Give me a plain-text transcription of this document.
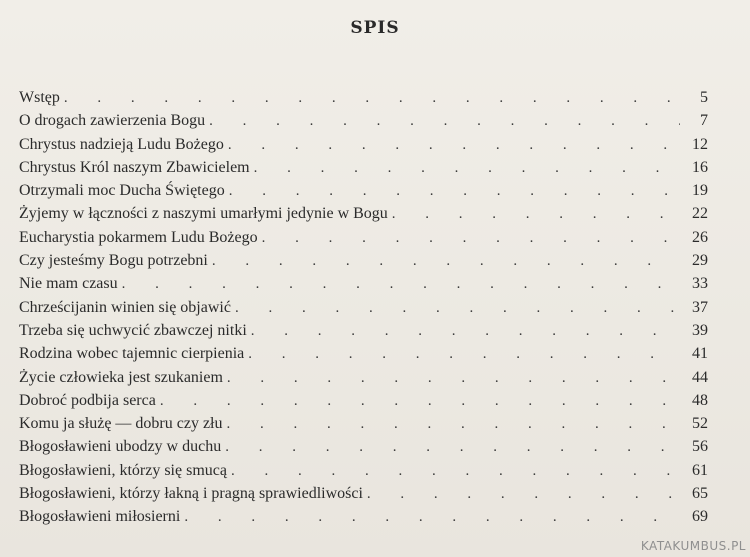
SPIS
Wstęp . . .	5
O drogach zawierzenia Bogu . . .	7
Chrystus nadzieją Ludu Bożego . . .	12
Chrystus Król naszym Zbawicielem . . .	16
Otrzymali moc Ducha Świętego . . .	19
Żyjemy w łączności z naszymi umarłymi jedynie w Bogu . . .	22
Eucharystia pokarmem Ludu Bożego . . .	26
Czy jesteśmy Bogu potrzebni . . .	29
Nie mam czasu . . .	33
Chrześcijanin winien się objawić . . .	37
Trzeba się uchwycić zbawczej nitki . . .	39
Rodzina wobec tajemnic cierpienia . . .	41
Życie człowieka jest szukaniem . . .	44
Dobroć podbija serca . . .	48
Komu ja służę — dobru czy złu . . .	52
Błogosławieni ubodzy w duchu . . .	56
Błogosławieni, którzy się smucą . . .	61
Błogosławieni, którzy łakną i pragną sprawiedliwości . . .	65
Błogosławieni miłosierni . . .	69
KATAKUMBUS.PL
